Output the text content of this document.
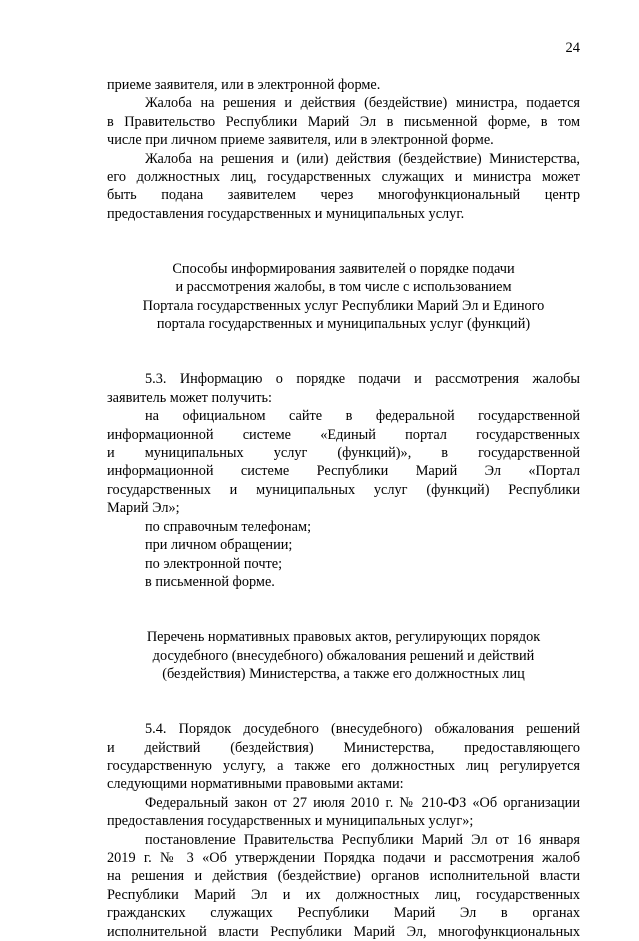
24

приеме заявителя, или в электронной форме.

Жалоба на решения и действия (бездействие) министра, подается

в Правительство Республики Марий Эл в письменной форме, в том

числе при личном приеме заявителя, или в электронной форме.

Жалоба на решения и (или) действия (бездействие) Министерства,

его должностных лиц, государственных служащих и министра может

быть подана заявителем через многофункциональный центр

предоставления государственных и муниципальных услуг.

Способы информирования заявителей о порядке подачи

и рассмотрения жалобы, в том числе с использованием

Портала государственных услуг Республики Марий Эл и Единого

портала государственных и муниципальных услуг (функций)

5.3. Информацию о порядке подачи и рассмотрения жалобы

заявитель может получить:

на официальном сайте в федеральной государственной

информационной системе «Единый портал государственных

и муниципальных услуг (функций)», в государственной

информационной системе Республики Марий Эл «Портал

государственных и муниципальных услуг (функций) Республики

Марий Эл»;

по справочным телефонам;

при личном обращении;

по электронной почте;

в письменной форме.

Перечень нормативных правовых актов, регулирующих порядок

досудебного (внесудебного) обжалования решений и действий

(бездействия) Министерства, а также его должностных лиц

5.4. Порядок досудебного (внесудебного) обжалования решений

и действий (бездействия) Министерства, предоставляющего

государственную услугу, а также его должностных лиц регулируется

следующими нормативными правовыми актами:

Федеральный закон от 27 июля 2010 г. № 210-ФЗ «Об организации

предоставления государственных и муниципальных услуг»;

постановление Правительства Республики Марий Эл от 16 января

2019 г. № 3 «Об утверждении Порядка подачи и рассмотрения жалоб

на решения и действия (бездействие) органов исполнительной власти

Республики Марий Эл и их должностных лиц, государственных

гражданских служащих Республики Марий Эл в органах

исполнительной власти Республики Марий Эл, многофункциональных
